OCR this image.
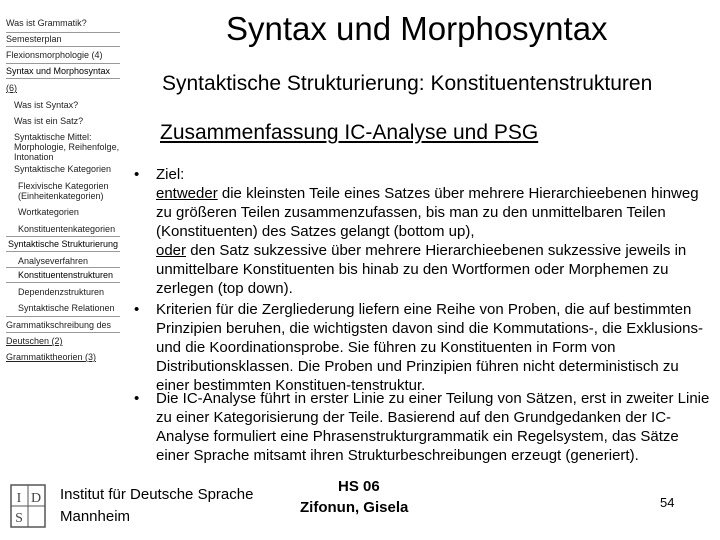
Was ist Grammatik?
Semesterplan
Flexionsmorphologie (4)
Syntax und Morphosyntax
(6)
Was ist Syntax?
Was ist ein Satz?
Syntaktische Mittel: Morphologie, Reihenfolge, Intonation
Syntaktische Kategorien
Flexivische Kategorien (Einheitenkategorien)
Wortkategorien
Konstituentenkategorien
Syntaktische Strukturierung
Analyseverfahren
Konstituentenstrukturen
Dependenzstrukturen
Syntaktische Relationen
Grammatikschreibung des
Deutschen (2)
Grammatiktheorien (3)
Syntax und Morphosyntax
Syntaktische Strukturierung: Konstituentenstrukturen
Zusammenfassung IC-Analyse und PSG
•	Ziel:
entweder die kleinsten Teile eines Satzes über mehrere Hierarchieebenen hinweg zu größeren Teilen zusammenzufassen, bis man zu den unmittelbaren Teilen (Konstituenten) des Satzes gelangt (bottom up),
oder den Satz sukzessive über mehrere Hierarchieebenen sukzessive jeweils in unmittelbare Konstituenten bis hinab zu den Wortformen oder Morphemen zu zerlegen (top down).
•	Kriterien für die Zergliederung liefern eine Reihe von Proben, die auf bestimmten Prinzipien beruhen, die wichtigsten davon sind die Kommutations-, die Exklusions- und die Koordinationsprobe. Sie führen zu Konstituenten in Form von Distributionsklassen. Die Proben und Prinzipien führen nicht deterministisch zu einer bestimmten Konstituen-tenstruktur.
•	Die IC-Analyse führt in erster Linie zu einer Teilung von Sätzen, erst in zweiter Linie zu einer Kategorisierung der Teile. Basierend auf den Grundgedanken der IC-Analyse formuliert eine Phrasenstrukturgrammatik ein Regelsystem, das Sätze einer Sprache mitsamt ihren Strukturbeschreibungen erzeugt (generiert).
I D
S
Institut für Deutsche Sprache
Mannheim
HS 06
Zifonun, Gisela	54
